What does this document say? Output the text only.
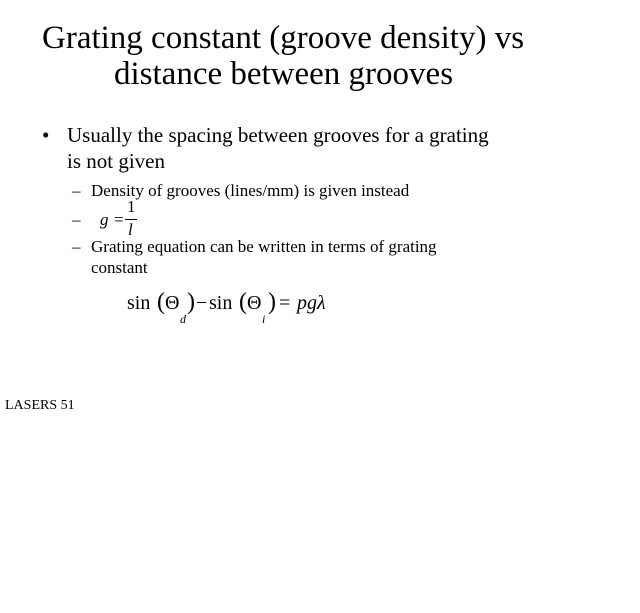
Grating constant (groove density) vs
distance between grooves
• Usually the spacing between grooves for a grating
is not given
– Density of grooves (lines/mm) is given instead
– g =
1
l
– Grating equation can be written in terms of grating
constant
sin ( Θ
$_d$
) − sin ( Θ
$_i$
) = pgλ
LASERS 51
